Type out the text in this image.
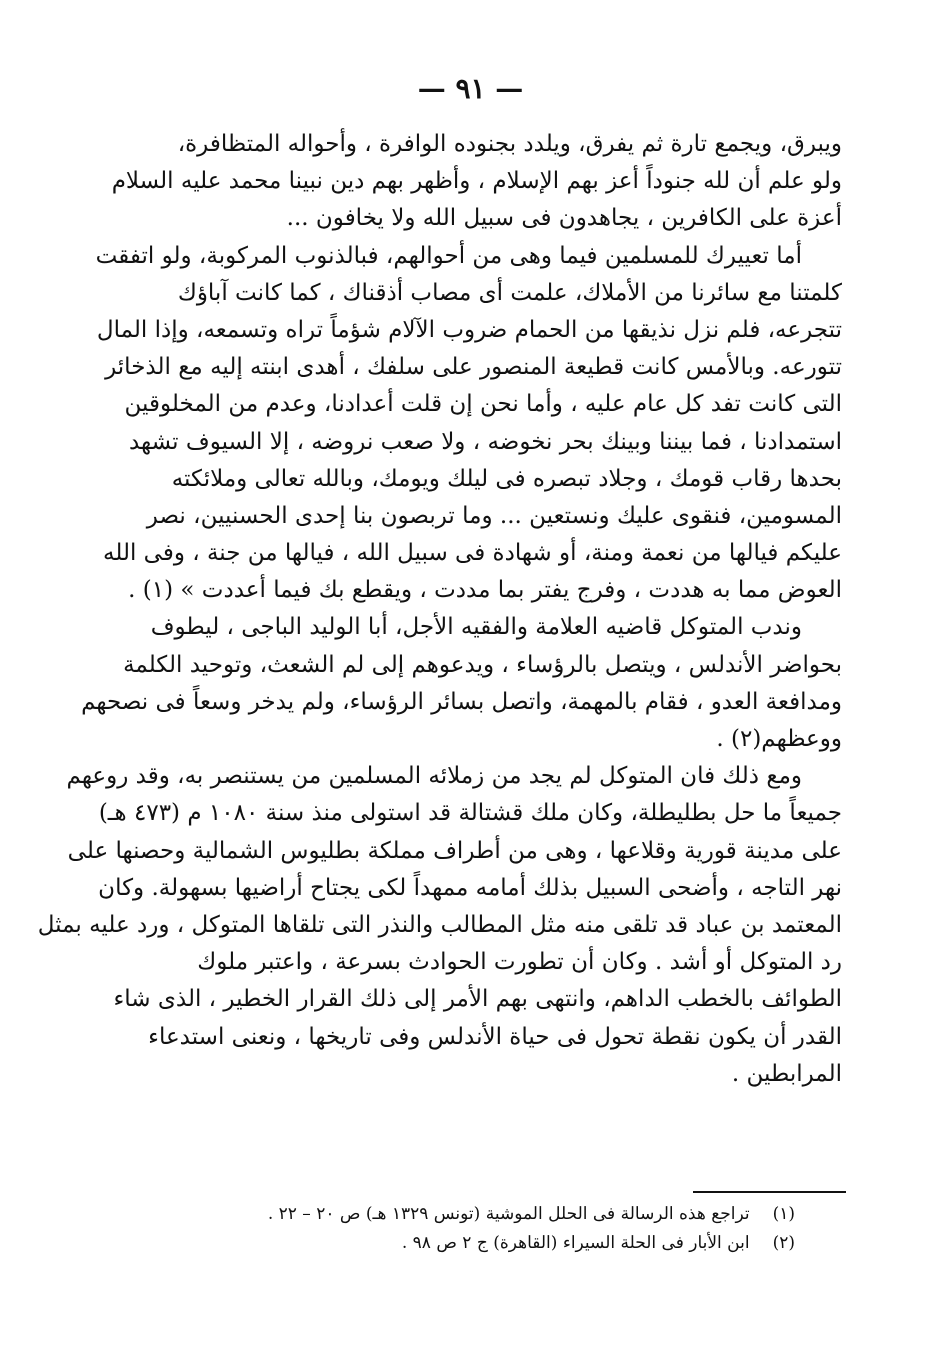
— ٩١ —
ويبرق، ويجمع تارة ثم يفرق، ويلدد بجنوده الوافرة ، وأحواله المتظافرة،
ولو علم أن لله جنوداً أعز بهم الإسلام ، وأظهر بهم دين نبينا محمد عليه السلام
أعزة على الكافرين ، يجاهدون فى سبيل الله ولا يخافون ...
أما تعييرك للمسلمين فيما وهى من أحوالهم، فبالذنوب المركوبة، ولو اتفقت
كلمتنا مع سائرنا من الأملاك، علمت أى مصاب أذقناك ، كما كانت آباؤك
تتجرعه، فلم نزل نذيقها من الحمام ضروب الآلام شؤماً تراه وتسمعه، وإذا المال
تتورعه. وبالأمس كانت قطيعة المنصور على سلفك ، أهدى ابنته إليه مع الذخائر
التى كانت تفد كل عام عليه ، وأما نحن إن قلت أعدادنا، وعدم من المخلوقين
استمدادنا ، فما بيننا وبينك بحر نخوضه ، ولا صعب نروضه ، إلا السيوف تشهد
بحدها رقاب قومك ، وجلاد تبصره فى ليلك ويومك، وبالله تعالى وملائكته
المسومين، فنقوى عليك ونستعين ... وما تربصون بنا إحدى الحسنيين، نصر
عليكم فيالها من نعمة ومنة، أو شهادة فى سبيل الله ، فيالها من جنة ، وفى الله
العوض مما به هددت ، وفرج يفتر بما مددت ، ويقطع بك فيما أعددت » (١) .
وندب المتوكل قاضيه العلامة والفقيه الأجل، أبا الوليد الباجى ، ليطوف
بحواضر الأندلس ، ويتصل بالرؤساء ، ويدعوهم إلى لم الشعث، وتوحيد الكلمة
ومدافعة العدو ، فقام بالمهمة، واتصل بسائر الرؤساء، ولم يدخر وسعاً فى نصحهم
ووعظهم(٢) .
ومع ذلك فان المتوكل لم يجد من زملائه المسلمين من يستنصر به، وقد روعهم
جميعاً ما حل بطليطلة، وكان ملك قشتالة قد استولى منذ سنة ١٠٨٠ م (٤٧٣ هـ)
على مدينة قورية وقلاعها ، وهى من أطراف مملكة بطليوس الشمالية وحصنها على
نهر التاجه ، وأضحى السبيل بذلك أمامه ممهداً لكى يجتاح أراضيها بسهولة. وكان
المعتمد بن عباد قد تلقى منه مثل المطالب والنذر التى تلقاها المتوكل ، ورد عليه بمثل
رد المتوكل أو أشد . وكان أن تطورت الحوادث بسرعة ، واعتبر ملوك
الطوائف بالخطب الداهم، وانتهى بهم الأمر إلى ذلك القرار الخطير ، الذى شاء
القدر أن يكون نقطة تحول فى حياة الأندلس وفى تاريخها ، ونعنى استدعاء
المرابطين .
(١) تراجع هذه الرسالة فى الحلل الموشية (تونس ١٣٢٩ هـ) ص ٢٠ – ٢٢ .
(٢) ابن الأبار فى الحلة السيراء (القاهرة) ج ٢ ص ٩٨ .
